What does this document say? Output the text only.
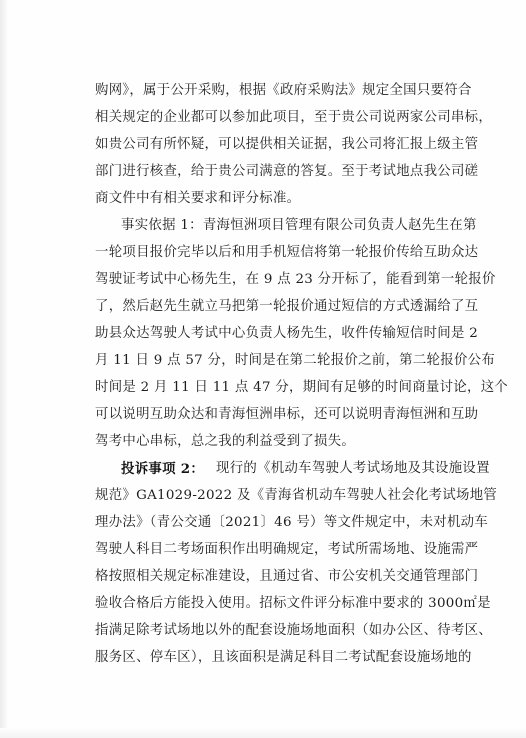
购网》，属于公开采购，根据《政府采购法》规定全国只要符合
相关规定的企业都可以参加此项目，至于贵公司说两家公司串标，
如贵公司有所怀疑，可以提供相关证据，我公司将汇报上级主管
部门进行核查，给于贵公司满意的答复。至于考试地点我公司磋
商文件中有相关要求和评分标准。
事实依据 1：青海恒洲项目管理有限公司负责人赵先生在第
一轮项目报价完毕以后和用手机短信将第一轮报价传给互助众达
驾驶证考试中心杨先生，在 9 点 23 分开标了，能看到第一轮报价
了，然后赵先生就立马把第一轮报价通过短信的方式透漏给了互
助县众达驾驶人考试中心负责人杨先生，收件传输短信时间是 2
月 11 日 9 点 57 分，时间是在第二轮报价之前，第二轮报价公布
时间是 2 月 11 日 11 点 47 分，期间有足够的时间商量讨论，这个
可以说明互助众达和青海恒洲串标，还可以说明青海恒洲和互助
驾考中心串标，总之我的利益受到了损失。
投诉事项 2： 现行的《机动车驾驶人考试场地及其设施设置
规范》GA1029-2022 及《青海省机动车驾驶人社会化考试场地管
理办法》（青公交通〔2021〕46 号）等文件规定中，未对机动车
驾驶人科目二考场面积作出明确规定，考试所需场地、设施需严
格按照相关规定标准建设，且通过省、市公安机关交通管理部门
验收合格后方能投入使用。招标文件评分标准中要求的 3000㎡是
指满足除考试场地以外的配套设施场地面积（如办公区、待考区、
服务区、停车区），且该面积是满足科目二考试配套设施场地的
